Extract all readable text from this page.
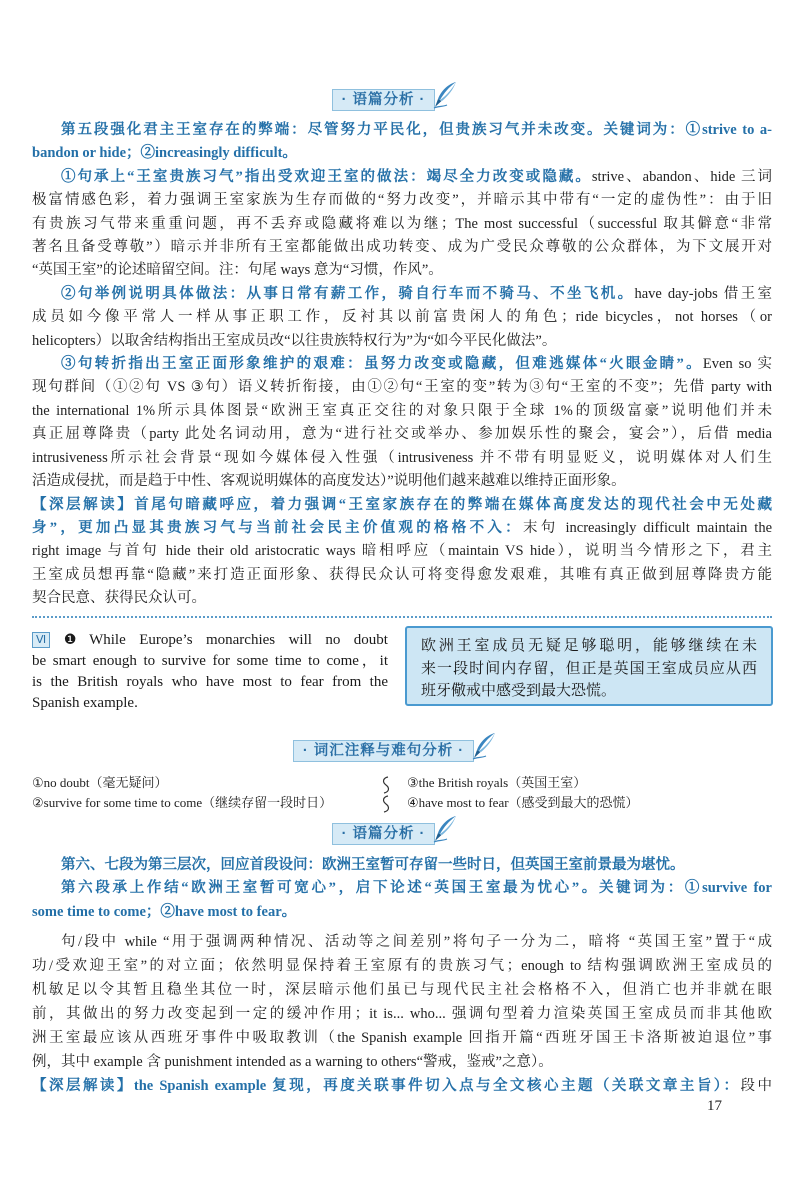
· 语篇分析 ·
第五段强化君主王室存在的弊端：尽管努力平民化，但贵族习气并未改变。关键词为：①strive to a-
bandon or hide；②increasingly difficult。
①句承上“王室贵族习气”指出受欢迎王室的做法：竭尽全力改变或隐藏。strive、abandon、hide 三词
极富情感色彩，着力强调王室家族为生存而做的“努力改变”，并暗示其中带有“一定的虚伪性”：由于旧
有贵族习气带来重重问题，再不丢弃或隐藏将难以为继；The most successful（successful 取其僻意“非常
著名且备受尊敬”）暗示并非所有王室都能做出成功转变、成为广受民众尊敬的公众群体，为下文展开对
“英国王室”的论述暗留空间。注：句尾 ways 意为“习惯，作风”。
②句举例说明具体做法：从事日常有薪工作，骑自行车而不骑马、不坐飞机。have day-jobs 借王室
成员如今像平常人一样从事正职工作，反衬其以前富贵闲人的角色；ride bicycles，not horses（or
helicopters）以取舍结构指出王室成员改“以往贵族特权行为”为“如今平民化做法”。
③句转折指出王室正面形象维护的艰难：虽努力改变或隐藏，但难逃媒体“火眼金睛”。Even so 实
现句群间（①②句 VS ③句）语义转折衔接，由①②句“王室的变”转为③句“王室的不变”；先借 party with
the international 1%所示具体图景“欧洲王室真正交往的对象只限于全球 1%的顶级富豪”说明他们并未
真正屈尊降贵（party 此处名词动用，意为“进行社交或举办、参加娱乐性的聚会，宴会”），后借 media
intrusiveness所示社会背景“现如今媒体侵入性强（intrusiveness 并不带有明显贬义，说明媒体对人们生
活造成侵扰，而是趋于中性、客观说明媒体的高度发达）”说明他们越来越难以维持正面形象。
【深层解读】首尾句暗藏呼应，着力强调“王室家族存在的弊端在媒体高度发达的现代社会中无处藏
身”，更加凸显其贵族习气与当前社会民主价值观的格格不入：末句 increasingly difficult maintain the
right image 与首句 hide their old aristocratic ways 暗相呼应（maintain VS hide），说明当今情形之下，君主
王室成员想再靠“隐藏”来打造正面形象、获得民众认可将变得愈发艰难，其唯有真正做到屈尊降贵方能
契合民意、获得民众认可。
Ⅵ ❶ While Europe’s monarchies will no doubt
be smart enough to survive for some time to come，it
is the British royals who have most to fear from the
Spanish example.
欧洲王室成员无疑足够聪明，能够继续在未
来一段时间内存留，但正是英国王室成员应从西
班牙儆戒中感受到最大恐慌。
· 词汇注释与难句分析 ·
①no doubt（毫无疑问）
②survive for some time to come（继续存留一段时日）
③the British royals（英国王室）
④have most to fear（感受到最大的恐慌）
· 语篇分析 ·
第六、七段为第三层次，回应首段设问：欧洲王室暂可存留一些时日，但英国王室前景最为堪忧。
第六段承上作结“欧洲王室暂可宽心”，启下论述“英国王室最为忧心”。关键词为：①survive for
some time to come；②have most to fear。
句/段中 while “用于强调两种情况、活动等之间差别”将句子一分为二，暗将 “英国王室”置于“成
功/受欢迎王室”的对立面；依然明显保持着王室原有的贵族习气；enough to 结构强调欧洲王室成员的
机敏足以令其暂且稳坐其位一时，深层暗示他们虽已与现代民主社会格格不入，但消亡也并非就在眼
前，其做出的努力改变起到一定的缓冲作用；it is... who... 强调句型着力渲染英国王室成员而非其他欧
洲王室最应该从西班牙事件中吸取教训（the Spanish example 回指开篇“西班牙国王卡洛斯被迫退位”事
例，其中 example 含 punishment intended as a warning to others“警戒，鉴戒”之意）。
【深层解读】the Spanish example 复现，再度关联事件切入点与全文核心主题（关联文章主旨）：段中
17
